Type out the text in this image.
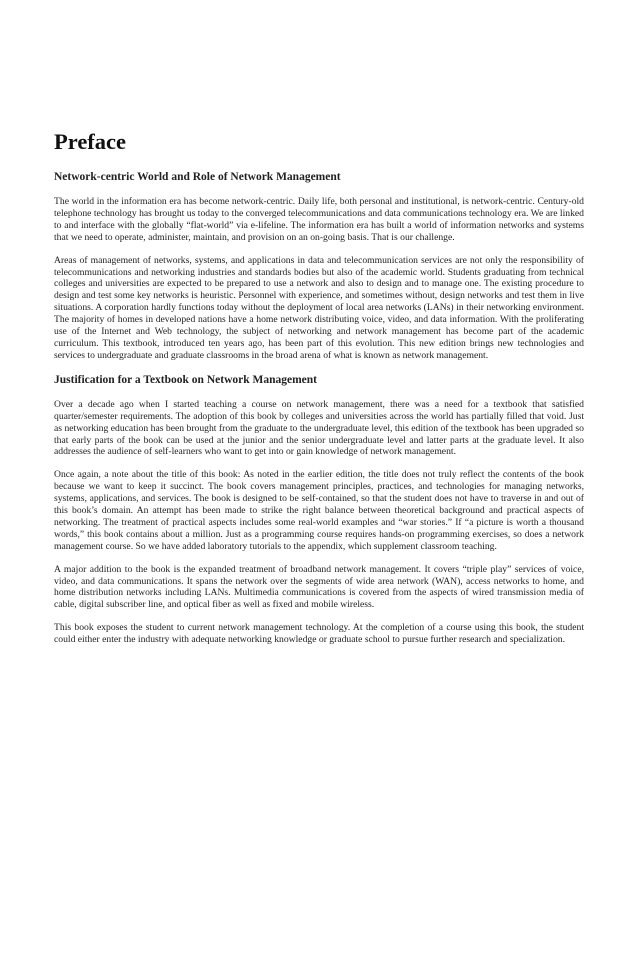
Preface
Network-centric World and Role of Network Management

The world in the information era has become network-centric. Daily life, both personal and institutional, is network-centric. Century-old telephone technology has brought us today to the converged telecommunications and data communications technology era. We are linked to and interface with the globally “flat-world” via e-lifeline. The information era has built a world of information networks and systems that we need to operate, administer, maintain, and provision on an on-going basis. That is our challenge.

Areas of management of networks, systems, and applications in data and telecommunication services are not only the responsibility of telecommunications and networking industries and standards bodies but also of the academic world. Students graduating from technical colleges and universities are expected to be prepared to use a network and also to design and to manage one. The existing procedure to design and test some key networks is heuristic. Personnel with experience, and sometimes without, design networks and test them in live situations. A corporation hardly functions today without the deployment of local area networks (LANs) in their networking environment. The majority of homes in developed nations have a home network distributing voice, video, and data information. With the proliferating use of the Internet and Web technology, the subject of networking and network management has become part of the academic curriculum. This textbook, introduced ten years ago, has been part of this evolution. This new edition brings new technologies and services to undergraduate and graduate classrooms in the broad arena of what is known as network management.

Justification for a Textbook on Network Management

Over a decade ago when I started teaching a course on network management, there was a need for a textbook that satisfied quarter/semester requirements. The adoption of this book by colleges and universities across the world has partially filled that void. Just as networking education has been brought from the graduate to the undergraduate level, this edition of the textbook has been upgraded so that early parts of the book can be used at the junior and the senior undergraduate level and latter parts at the graduate level. It also addresses the audience of self-learners who want to get into or gain knowledge of network management.

Once again, a note about the title of this book: As noted in the earlier edition, the title does not truly reflect the contents of the book because we want to keep it succinct. The book covers management principles, practices, and technologies for managing networks, systems, applications, and services. The book is designed to be self-contained, so that the student does not have to traverse in and out of this book’s domain. An attempt has been made to strike the right balance between theoretical background and practical aspects of networking. The treatment of practical aspects includes some real-world examples and “war stories.” If “a picture is worth a thousand words,” this book contains about a million. Just as a programming course requires hands-on programming exercises, so does a network management course. So we have added laboratory tutorials to the appendix, which supplement classroom teaching.

A major addition to the book is the expanded treatment of broadband network management. It covers “triple play” services of voice, video, and data communications. It spans the network over the segments of wide area network (WAN), access networks to home, and home distribution networks including LANs. Multimedia communications is covered from the aspects of wired transmission media of cable, digital subscriber line, and optical fiber as well as fixed and mobile wireless.

This book exposes the student to current network management technology. At the completion of a course using this book, the student could either enter the industry with adequate networking knowledge or graduate school to pursue further research and specialization.
